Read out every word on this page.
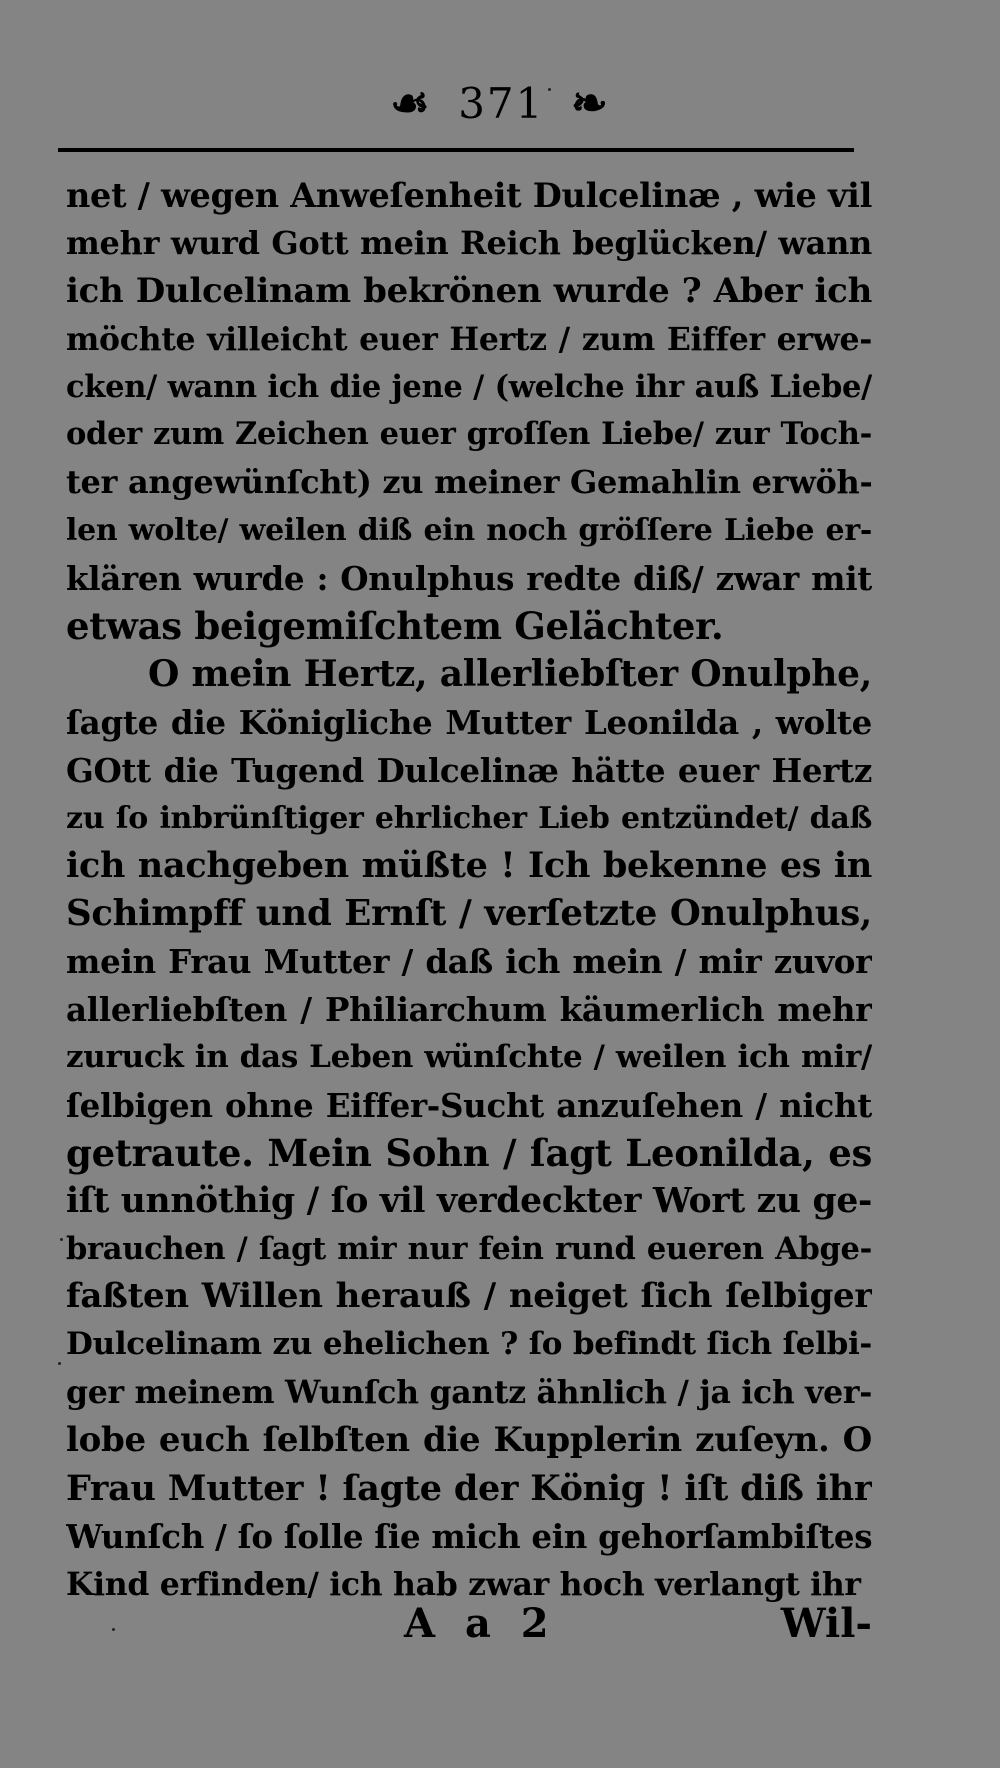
☙ 371 ❧
net / wegen Anweſenheit Dulcelinæ , wie vil
mehr wurd Gott mein Reich beglücken/ wann
ich Dulcelinam bekrönen wurde ? Aber ich
möchte villeicht euer Hertz / zum Eiffer erwe-
cken/ wann ich die jene / (welche ihr auß Liebe/
oder zum Zeichen euer groſſen Liebe/ zur Toch-
ter angewünſcht) zu meiner Gemahlin erwöh-
len wolte/ weilen diß ein noch gröſſere Liebe er-
klären wurde : Onulphus redte diß/ zwar mit
etwas beigemiſchtem Gelächter.
O mein Hertz, allerliebſter Onulphe,
ſagte die Königliche Mutter Leonilda , wolte
GOtt die Tugend Dulcelinæ hätte euer Hertz
zu ſo inbrünſtiger ehrlicher Lieb entzündet/ daß
ich nachgeben müßte ! Ich bekenne es in
Schimpff und Ernſt / verſetzte Onulphus,
mein Frau Mutter / daß ich mein / mir zuvor
allerliebſten / Philiarchum käumerlich mehr
zuruck in das Leben wünſchte / weilen ich mir/
ſelbigen ohne Eiffer-Sucht anzuſehen / nicht
getraute. Mein Sohn / ſagt Leonilda, es
iſt unnöthig / ſo vil verdeckter Wort zu ge-
brauchen / ſagt mir nur fein rund eueren Abge-
faßten Willen herauß / neiget ſich ſelbiger
Dulcelinam zu ehelichen ? ſo befindt ſich ſelbi-
ger meinem Wunſch gantz ähnlich / ja ich ver-
lobe euch ſelbſten die Kupplerin zuſeyn. O
Frau Mutter ! ſagte der König ! iſt diß ihr
Wunſch / ſo ſolle ſie mich ein gehorſambiſtes
Kind erfinden/ ich hab zwar hoch verlangt ihr
A a 2	Wil-
